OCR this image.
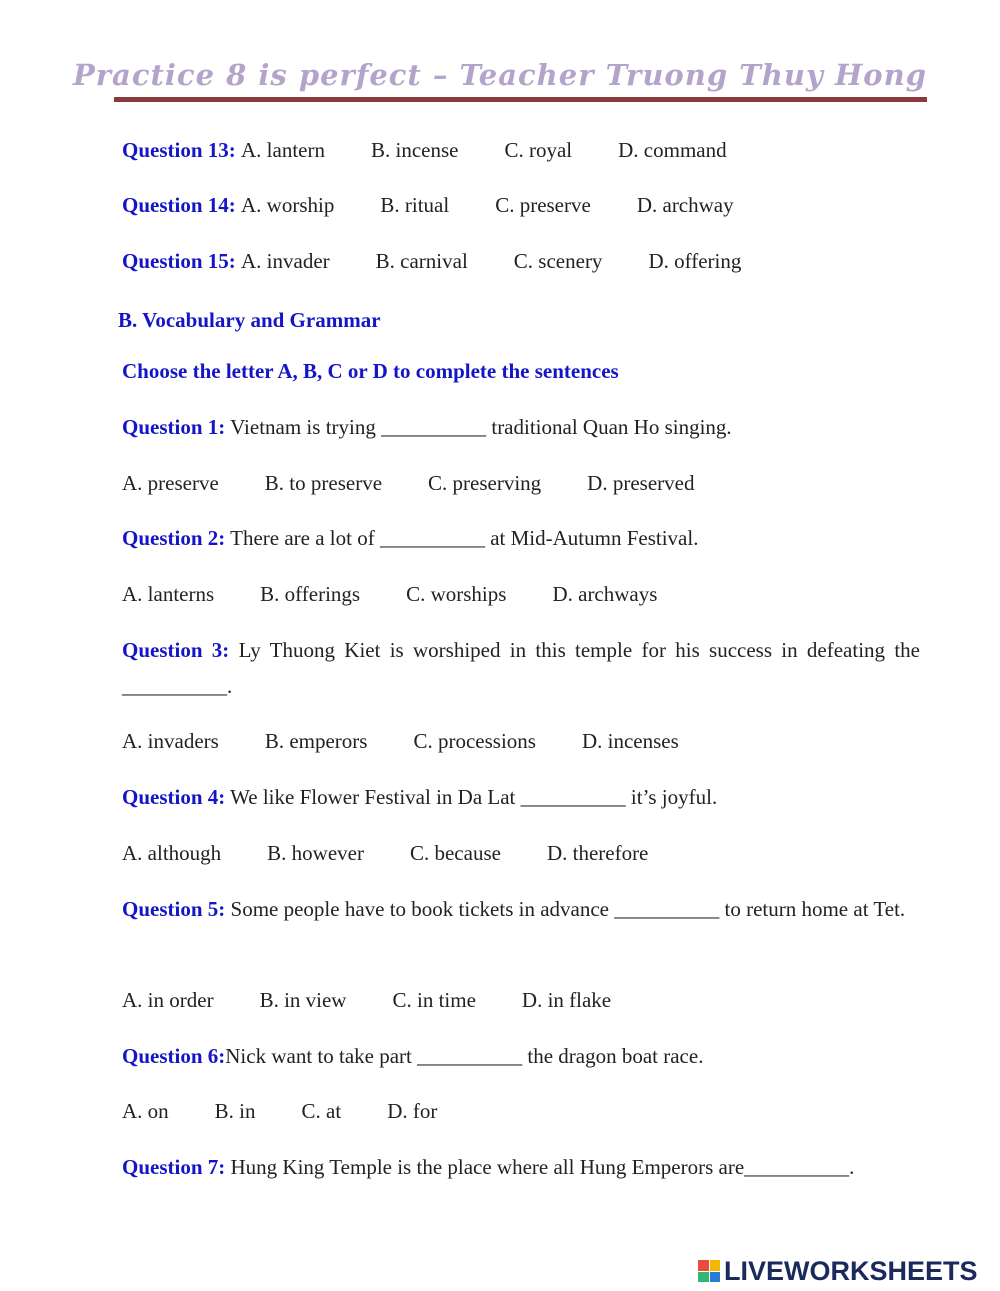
Practice 8 is perfect – Teacher Truong Thuy Hong
Question 13: A. lantern B. incense C. royal D. command
Question 14: A. worship B. ritual C. preserve D. archway
Question 15: A. invader B. carnival C. scenery D. offering
B. Vocabulary and Grammar
Choose the letter A, B, C or D to complete the sentences
Question 1: Vietnam is trying __________ traditional Quan Ho singing.
A. preserve B. to preserve C. preserving D. preserved
Question 2: There are a lot of __________ at Mid-Autumn Festival.
A. lanterns B. offerings C. worships D. archways
Question 3: Ly Thuong Kiet is worshiped in this temple for his success in defeating the __________.
A. invaders B. emperors C. processions D. incenses
Question 4: We like Flower Festival in Da Lat __________ it’s joyful.
A. although B. however C. because D. therefore
Question 5: Some people have to book tickets in advance __________ to return home at Tet.
A. in order B. in view C. in time D. in flake
Question 6:Nick want to take part __________ the dragon boat race.
A. on B. in C. at D. for
Question 7: Hung King Temple is the place where all Hung Emperors are__________.
LIVEWORKSHEETS
